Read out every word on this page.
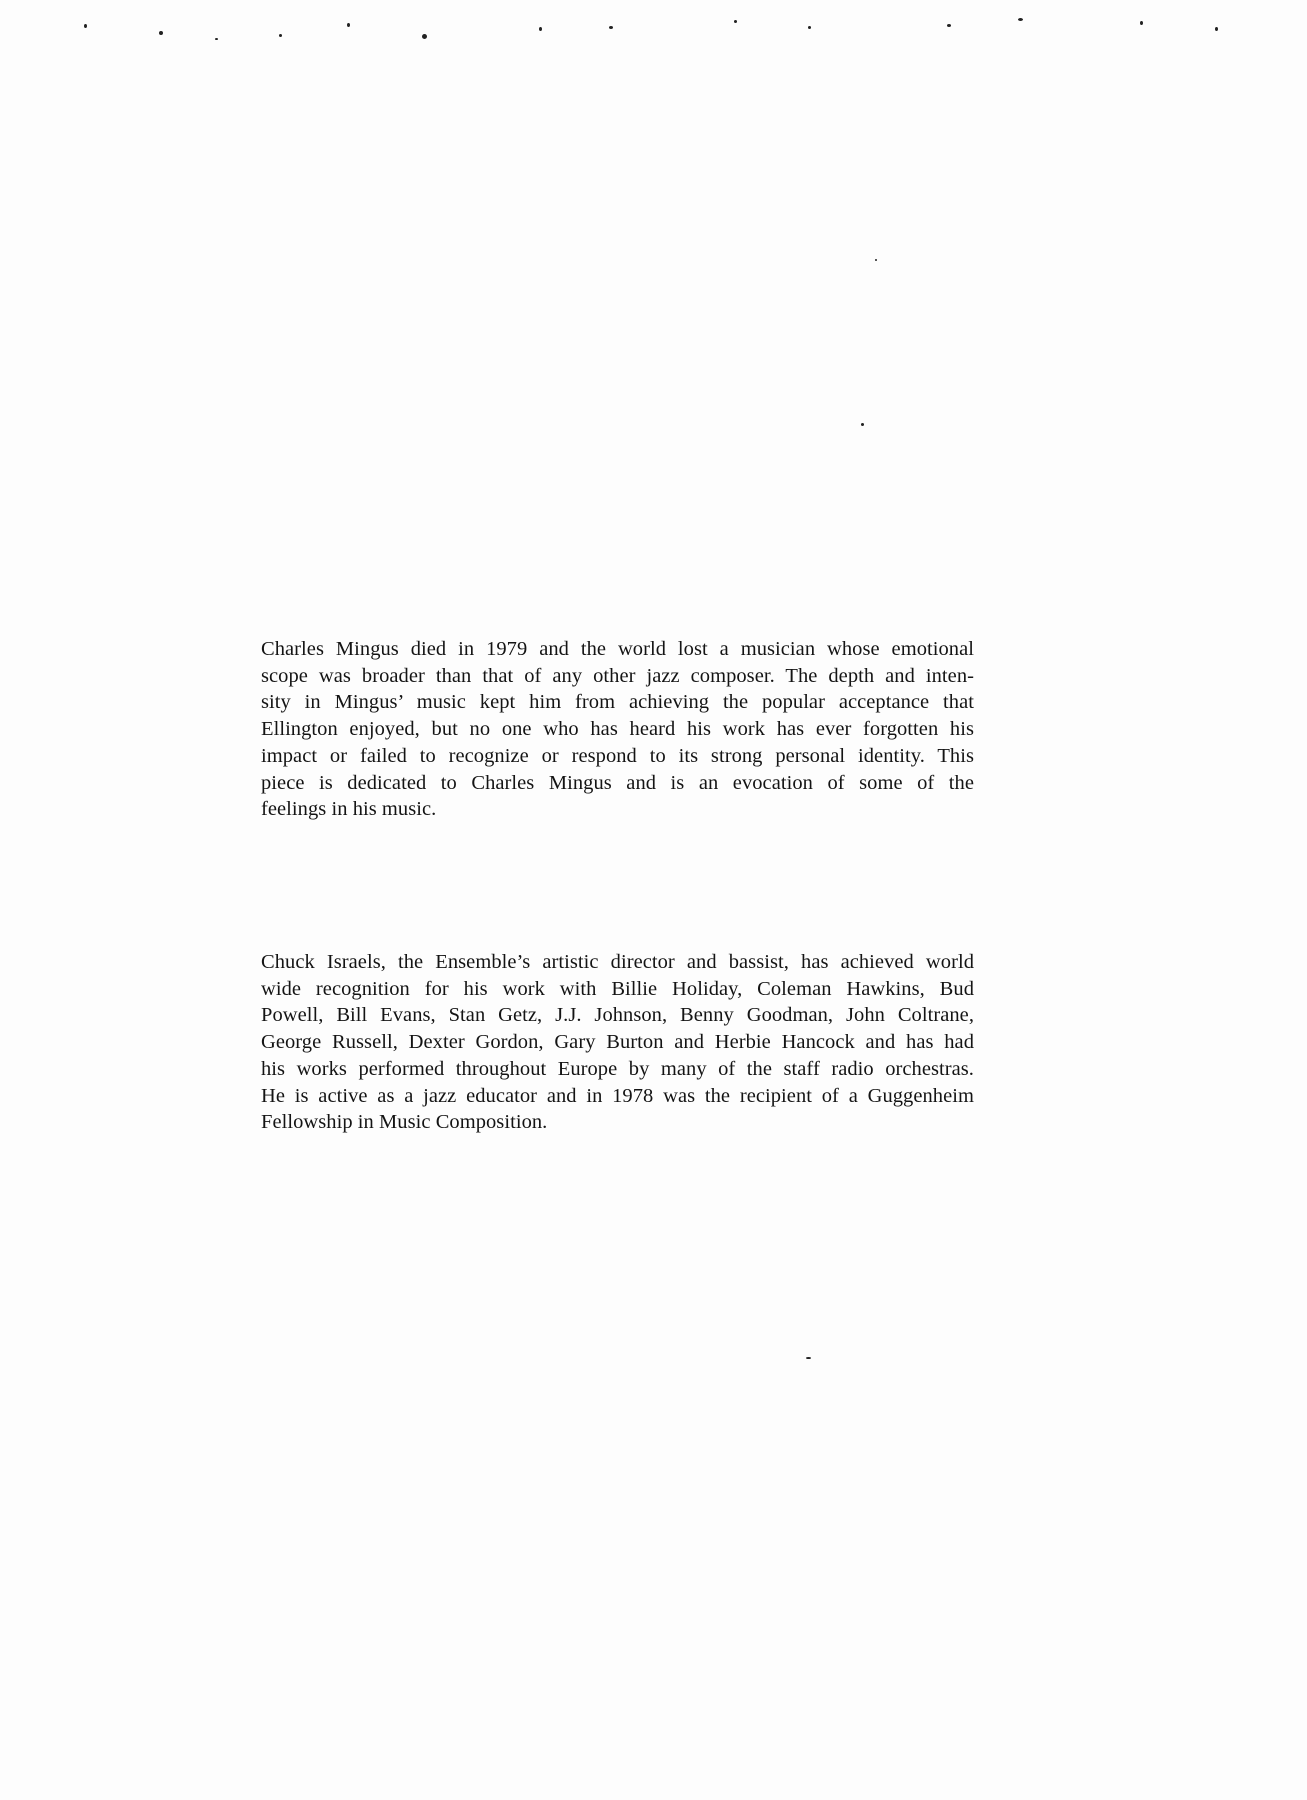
Charles Mingus died in 1979 and the world lost a musician whose emotional
scope was broader than that of any other jazz composer. The depth and inten-
sity in Mingus’ music kept him from achieving the popular acceptance that
Ellington enjoyed, but no one who has heard his work has ever forgotten his
impact or failed to recognize or respond to its strong personal identity. This
piece is dedicated to Charles Mingus and is an evocation of some of the
feelings in his music.
Chuck Israels, the Ensemble’s artistic director and bassist, has achieved world
wide recognition for his work with Billie Holiday, Coleman Hawkins, Bud
Powell, Bill Evans, Stan Getz, J.J. Johnson, Benny Goodman, John Coltrane,
George Russell, Dexter Gordon, Gary Burton and Herbie Hancock and has had
his works performed throughout Europe by many of the staff radio orchestras.
He is active as a jazz educator and in 1978 was the recipient of a Guggenheim
Fellowship in Music Composition.
